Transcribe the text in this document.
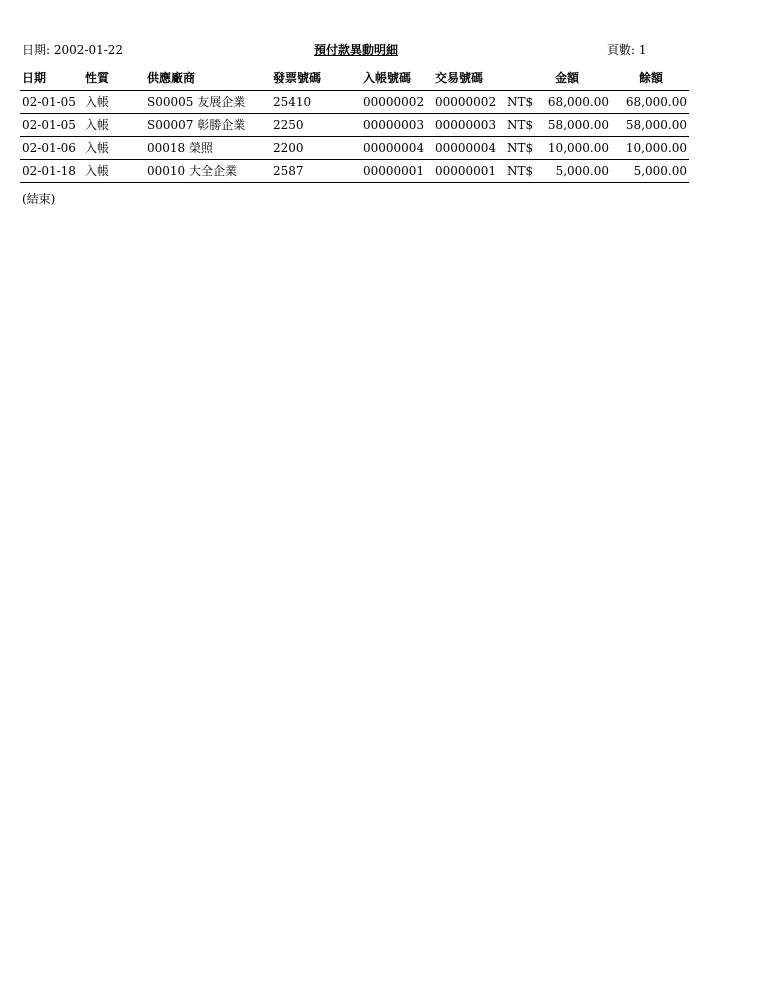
日期: 2002-01-22	預付款異動明細	頁數: 1
日期	性質	供應廠商	發票號碼	入帳號碼	交易號碼		金額	餘額
02-01-05	入帳	S00005 友展企業	25410	00000002	00000002	NT$	68,000.00	68,000.00
02-01-05	入帳	S00007 彰勝企業	2250	00000003	00000003	NT$	58,000.00	58,000.00
02-01-06	入帳	00018 榮照	2200	00000004	00000004	NT$	10,000.00	10,000.00
02-01-18	入帳	00010 大全企業	2587	00000001	00000001	NT$	5,000.00	5,000.00
(結束)
